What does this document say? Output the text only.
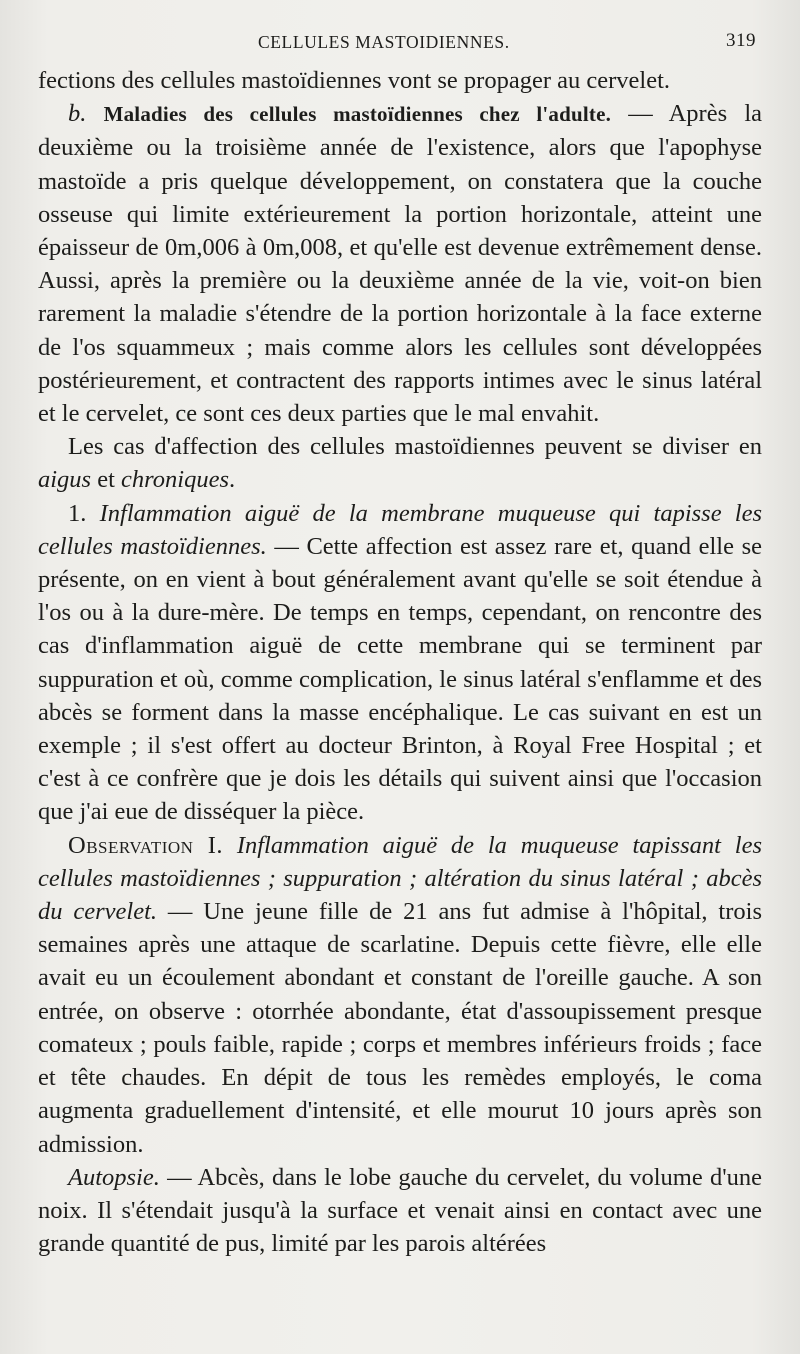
CELLULES MASTOIDIENNES.	319

fections des cellules mastoïdiennes vont se propager au cervelet.

b. Maladies des cellules mastoïdiennes chez l'adulte. — Après la deuxième ou la troisième année de l'existence, alors que l'apophyse mastoïde a pris quelque développement, on constatera que la couche osseuse qui limite extérieurement la portion horizontale, atteint une épaisseur de 0m,006 à 0m,008, et qu'elle est devenue extrêmement dense. Aussi, après la première ou la deuxième année de la vie, voit-on bien rarement la maladie s'étendre de la portion horizontale à la face externe de l'os squammeux ; mais comme alors les cellules sont développées postérieurement, et contractent des rapports intimes avec le sinus latéral et le cervelet, ce sont ces deux parties que le mal envahit.

Les cas d'affection des cellules mastoïdiennes peuvent se diviser en aigus et chroniques.

1. Inflammation aiguë de la membrane muqueuse qui tapisse les cellules mastoïdiennes. — Cette affection est assez rare et, quand elle se présente, on en vient à bout généralement avant qu'elle se soit étendue à l'os ou à la dure-mère. De temps en temps, cependant, on rencontre des cas d'inflammation aiguë de cette membrane qui se terminent par suppuration et où, comme complication, le sinus latéral s'enflamme et des abcès se forment dans la masse encéphalique. Le cas suivant en est un exemple ; il s'est offert au docteur Brinton, à Royal Free Hospital ; et c'est à ce confrère que je dois les détails qui suivent ainsi que l'occasion que j'ai eue de disséquer la pièce.

Observation I. Inflammation aiguë de la muqueuse tapissant les cellules mastoïdiennes ; suppuration ; altération du sinus latéral ; abcès du cervelet. — Une jeune fille de 21 ans fut admise à l'hôpital, trois semaines après une attaque de scarlatine. Depuis cette fièvre, elle elle avait eu un écoulement abondant et constant de l'oreille gauche. A son entrée, on observe : otorrhée abondante, état d'assoupissement presque comateux ; pouls faible, rapide ; corps et membres inférieurs froids ; face et tête chaudes. En dépit de tous les remèdes employés, le coma augmenta graduellement d'intensité, et elle mourut 10 jours après son admission.

Autopsie. — Abcès, dans le lobe gauche du cervelet, du volume d'une noix. Il s'étendait jusqu'à la surface et venait ainsi en contact avec une grande quantité de pus, limité par les parois altérées
